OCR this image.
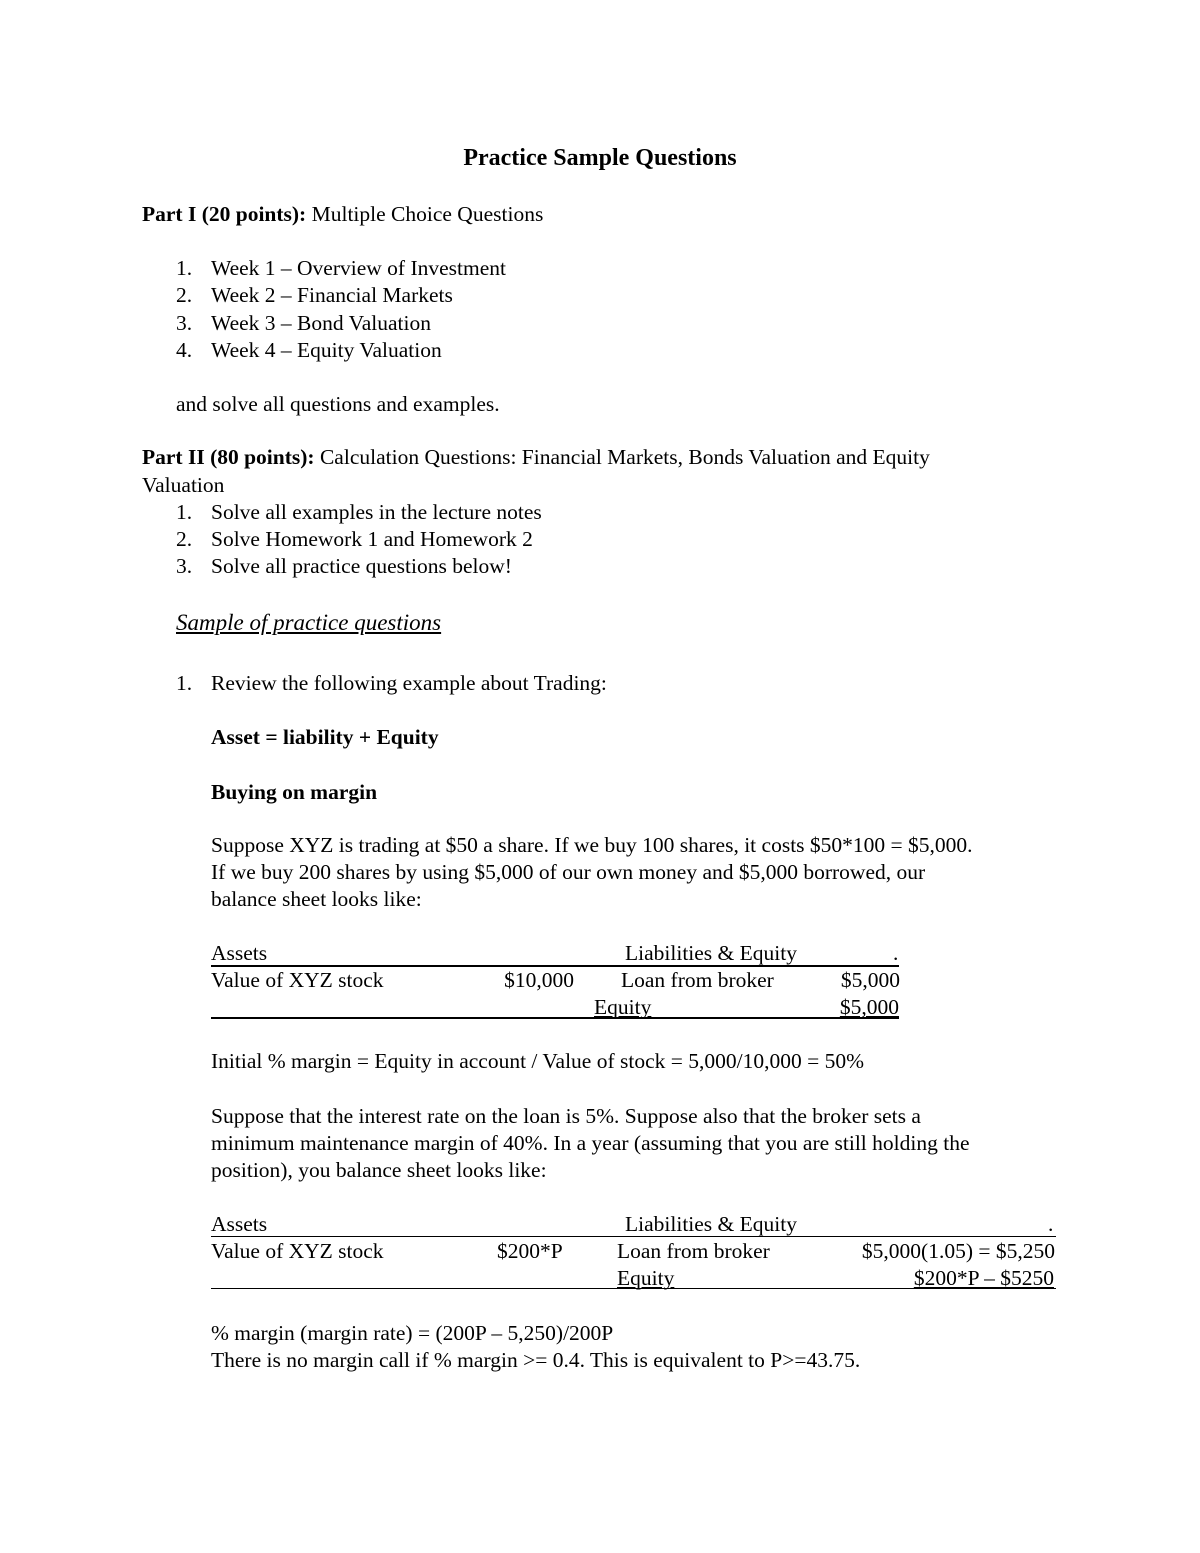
Practice Sample Questions
Part I (20 points): Multiple Choice Questions
1. Week 1 – Overview of Investment
2. Week 2 – Financial Markets
3. Week 3 – Bond Valuation
4. Week 4 – Equity Valuation
and solve all questions and examples.
Part II (80 points): Calculation Questions: Financial Markets, Bonds Valuation and Equity
Valuation
1. Solve all examples in the lecture notes
2. Solve Homework 1 and Homework 2
3. Solve all practice questions below!
Sample of practice questions
1. Review the following example about Trading:
Asset = liability + Equity
Buying on margin
Suppose XYZ is trading at $50 a share. If we buy 100 shares, it costs $50*100 = $5,000.
If we buy 200 shares by using $5,000 of our own money and $5,000 borrowed, our
balance sheet looks like:
Assets	Liabilities & Equity	.
Value of XYZ stock	$10,000 Loan from broker	$5,000
Equity	$5,000
Initial % margin = Equity in account / Value of stock = 5,000/10,000 = 50%
Suppose that the interest rate on the loan is 5%. Suppose also that the broker sets a
minimum maintenance margin of 40%. In a year (assuming that you are still holding the
position), you balance sheet looks like:
Assets	Liabilities & Equity	.
Value of XYZ stock	$200*P	Loan from broker	$5,000(1.05) = $5,250
Equity	$200*P – $5250
% margin (margin rate) = (200P – 5,250)/200P
There is no margin call if % margin >= 0.4. This is equivalent to P>=43.75.
